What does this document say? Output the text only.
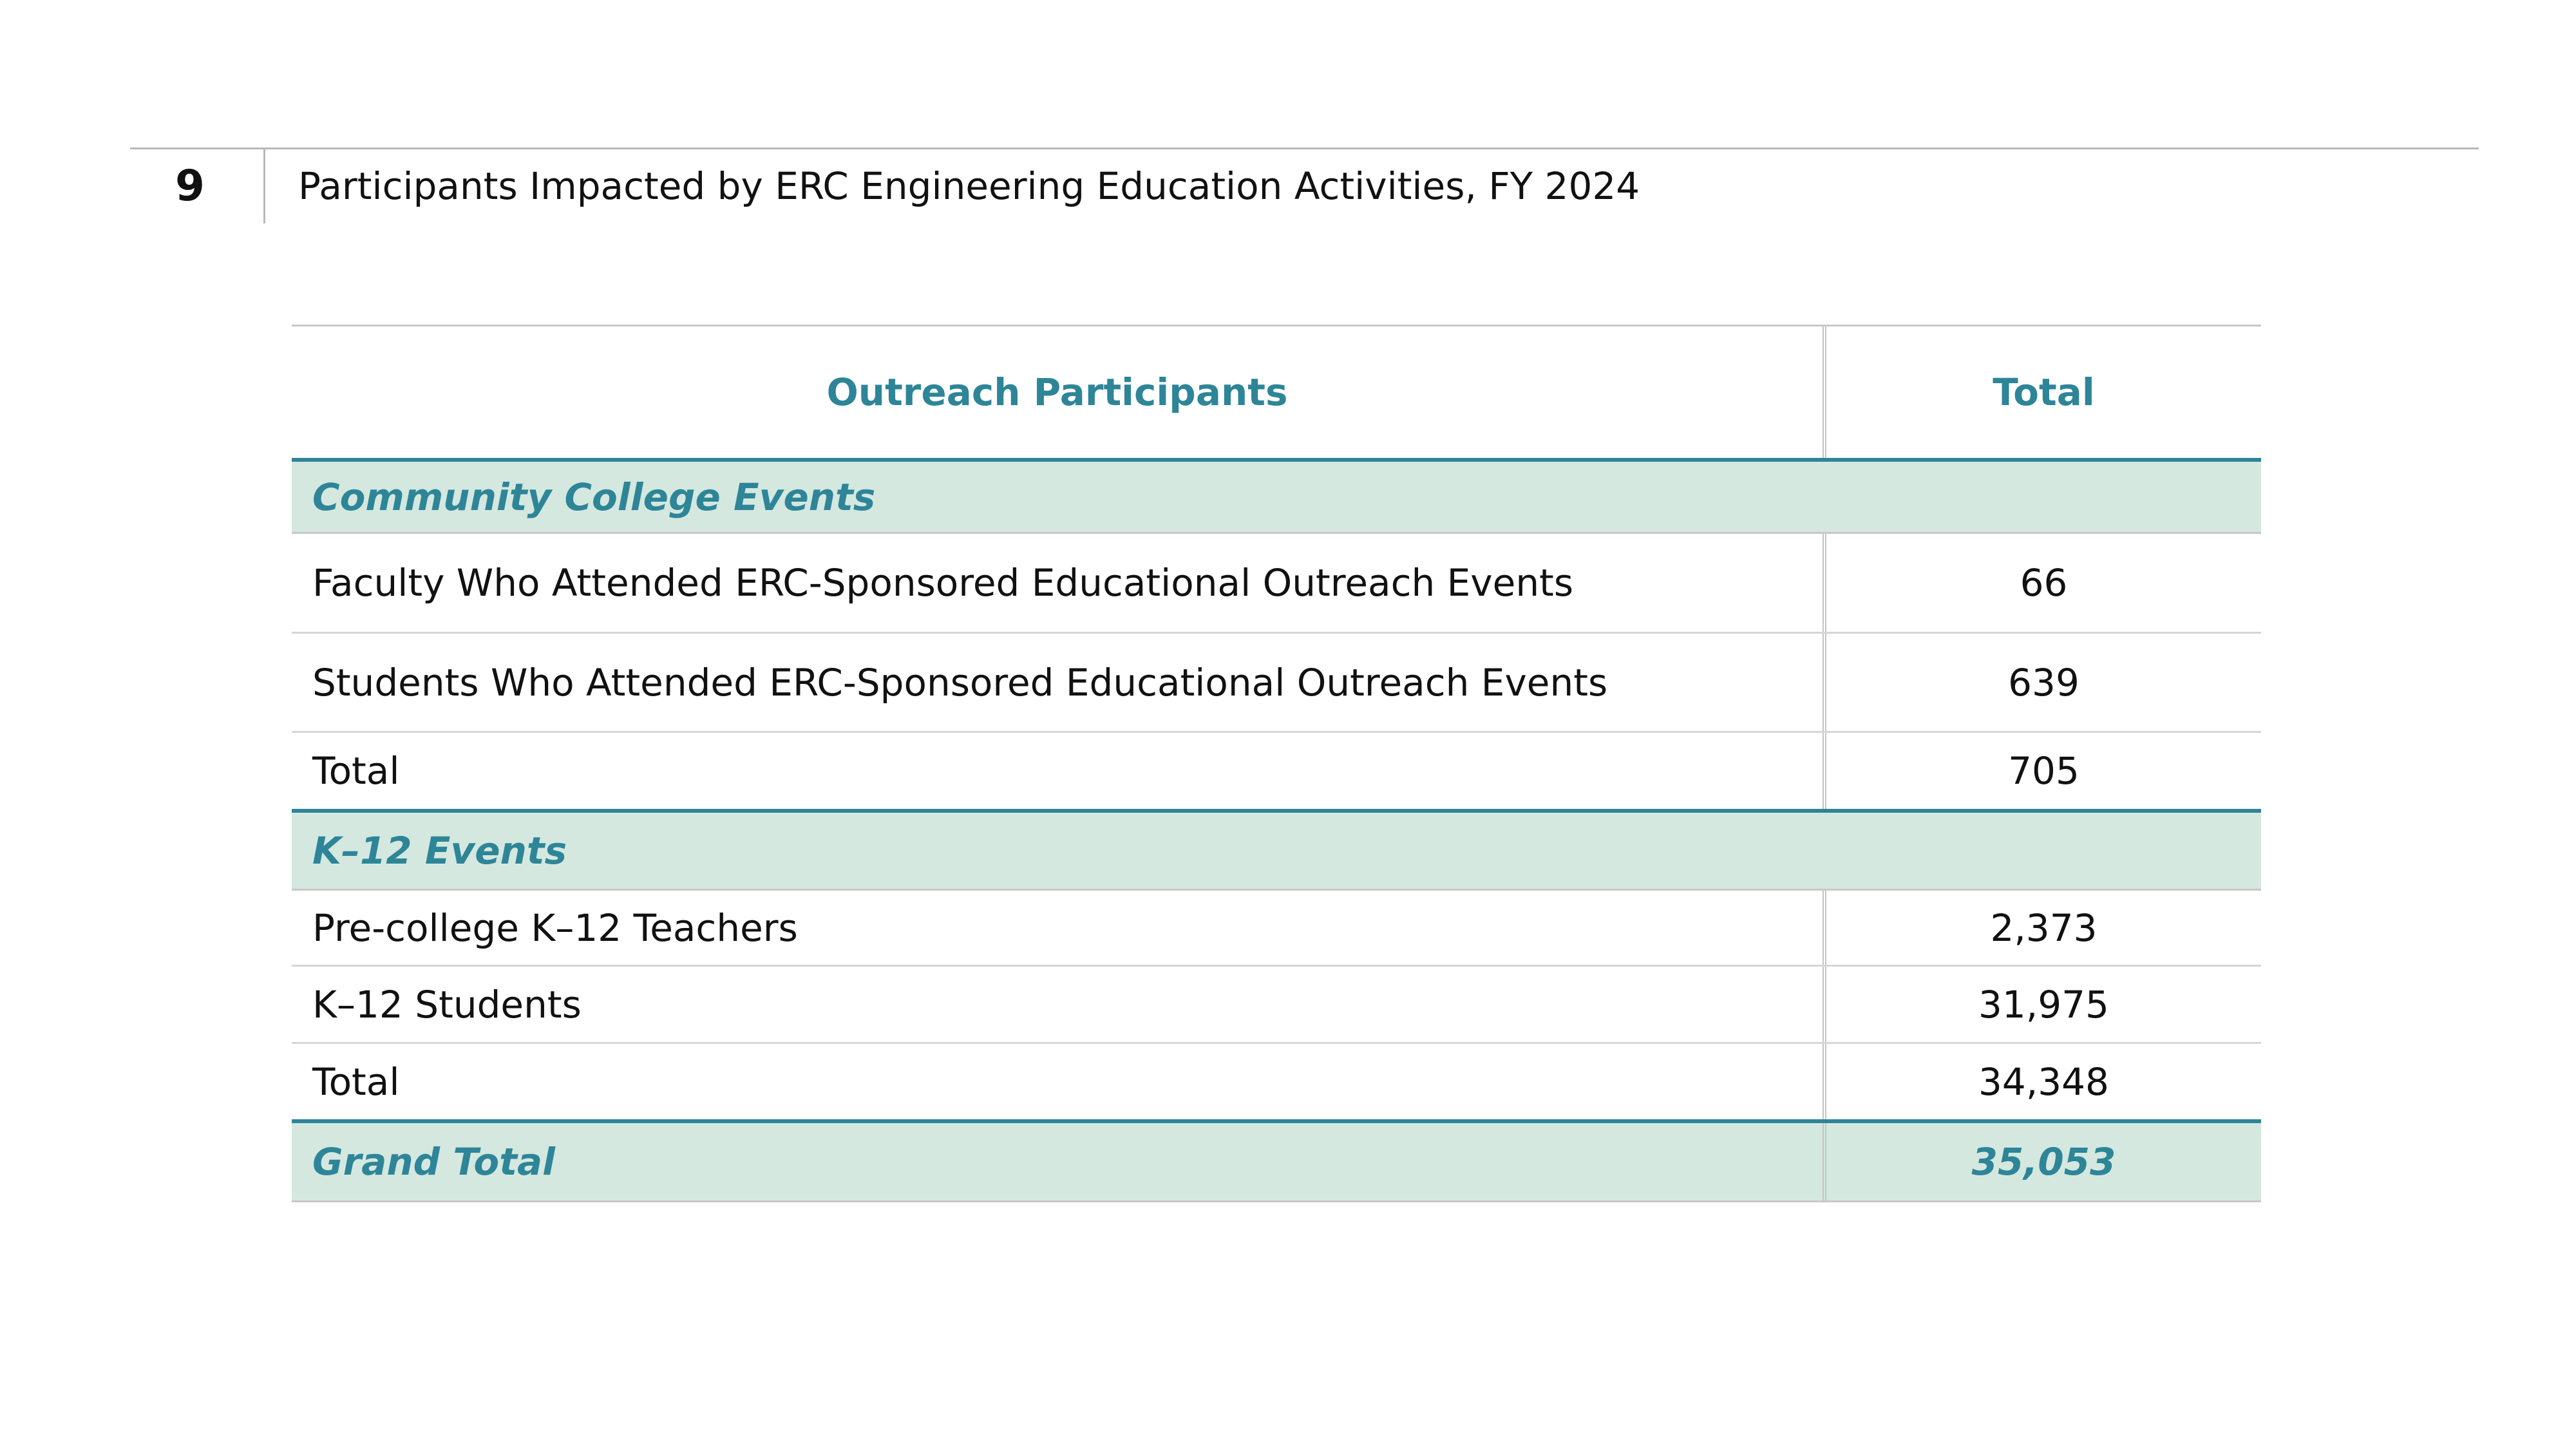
9	Participants Impacted by ERC Engineering Education Activities, FY 2024
Outreach Participants	Total
Community College Events
Faculty Who Attended ERC-Sponsored Educational Outreach Events	66
Students Who Attended ERC-Sponsored Educational Outreach Events	639
Total	705
K–12 Events
Pre-college K–12 Teachers	2,373
K–12 Students	31,975
Total	34,348
Grand Total	35,053
